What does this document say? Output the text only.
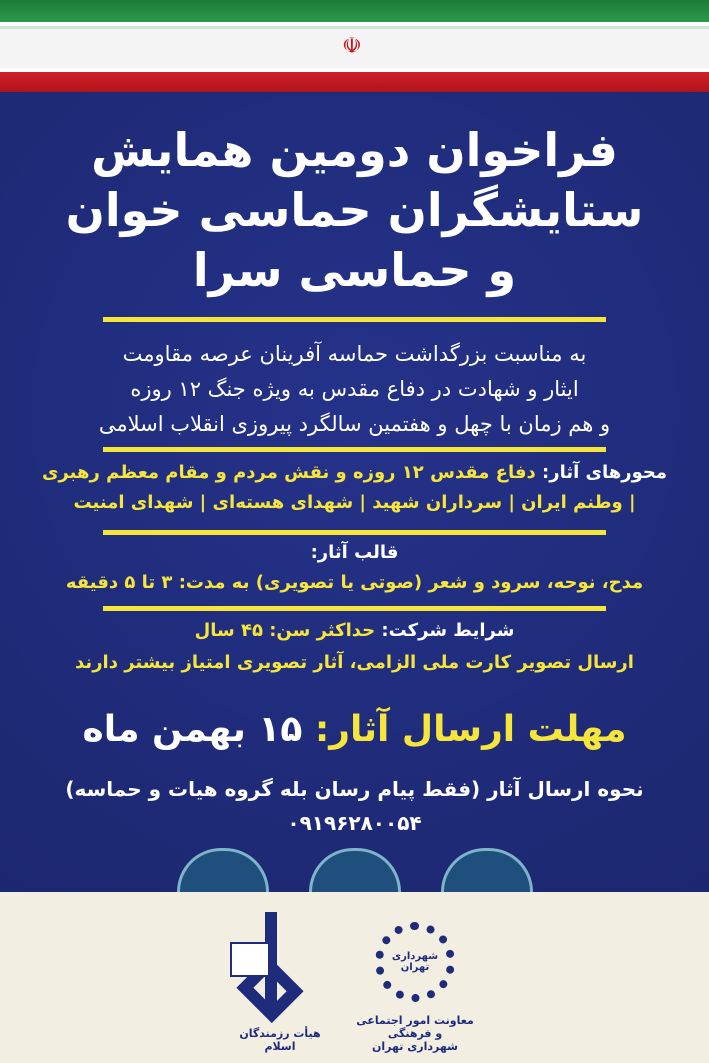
☫
فراخوان دومین همایش
ستایشگران حماسی خوان
و حماسی سرا
به مناسبت بزرگداشت حماسه آفرینان عرصه مقاومت
ایثار و شهادت در دفاع مقدس به ویژه جنگ ۱۲ روزه
و هم زمان با چهل و هفتمین سالگرد پیروزی انقلاب اسلامی
محورهای آثار: دفاع مقدس ۱۲ روزه و نقش مردم و مقام معظم رهبری
| وطنم ایران | سرداران شهید | شهدای هسته‌ای | شهدای امنیت
قالب آثار:
مدح، نوحه، سرود و شعر (صوتی یا تصویری) به مدت: ۳ تا ۵ دقیقه
شرایط شرکت: حداکثر سن: ۴۵ سال
ارسال تصویر کارت ملی الزامی، آثار تصویری امتیاز بیشتر دارند
مهلت ارسال آثار: ۱۵ بهمن ماه
نحوه ارسال آثار (فقط پیام رسان بله گروه هیات و حماسه)
۰۹۱۹۶۲۸۰۰۵۴
هیأت رزمندگان اسلام
شهرداری تهران
معاونت امور اجتماعی و فرهنگی
شهرداری تهران
